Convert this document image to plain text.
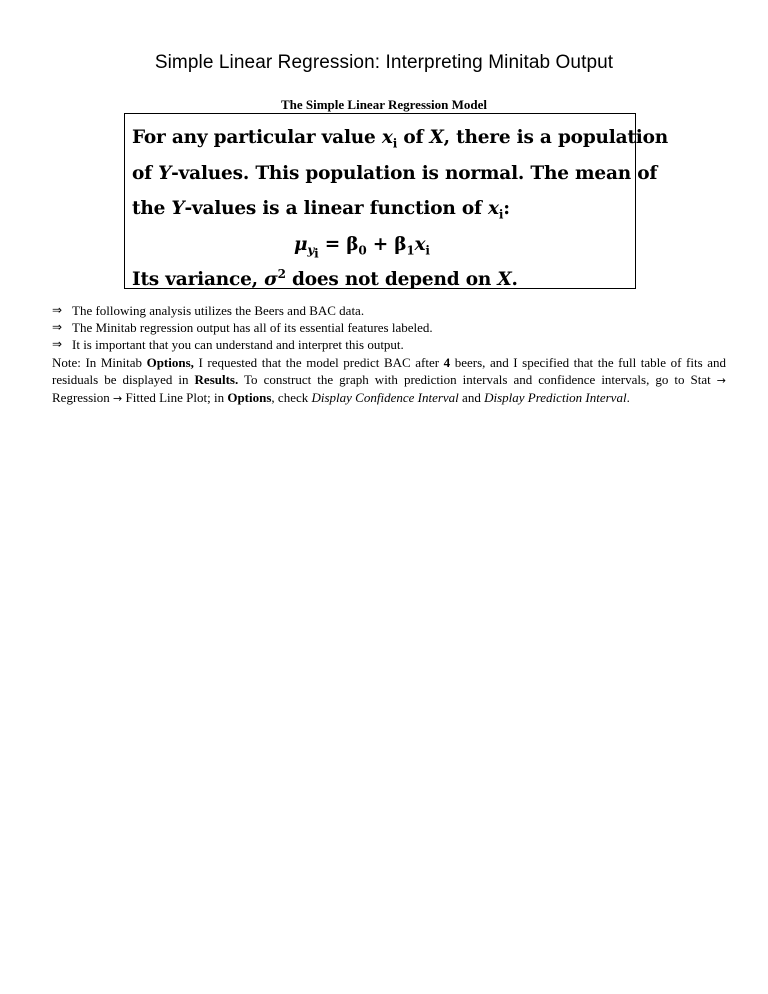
Simple Linear Regression: Interpreting Minitab Output
The Simple Linear Regression Model
For any particular value $x_i$ of X, there is a population
of Y-values. This population is normal. The mean of
the Y-values is a linear function of $x_i$:
$\mu_{y_i} = \beta_0 + \beta_1x_i$
Its variance, $\sigma^2$ does not depend on X.
⇒ The following analysis utilizes the Beers and BAC data.
⇒ The Minitab regression output has all of its essential features labeled.
⇒ It is important that you can understand and interpret this output.

Note: In Minitab Options, I requested that the model predict BAC after 4 beers, and I specified that the full table of fits and residuals be displayed in Results. To construct the graph with prediction intervals and confidence intervals, go to Stat → Regression → Fitted Line Plot; in Options, check Display Confidence Interval and Display Prediction Interval.
